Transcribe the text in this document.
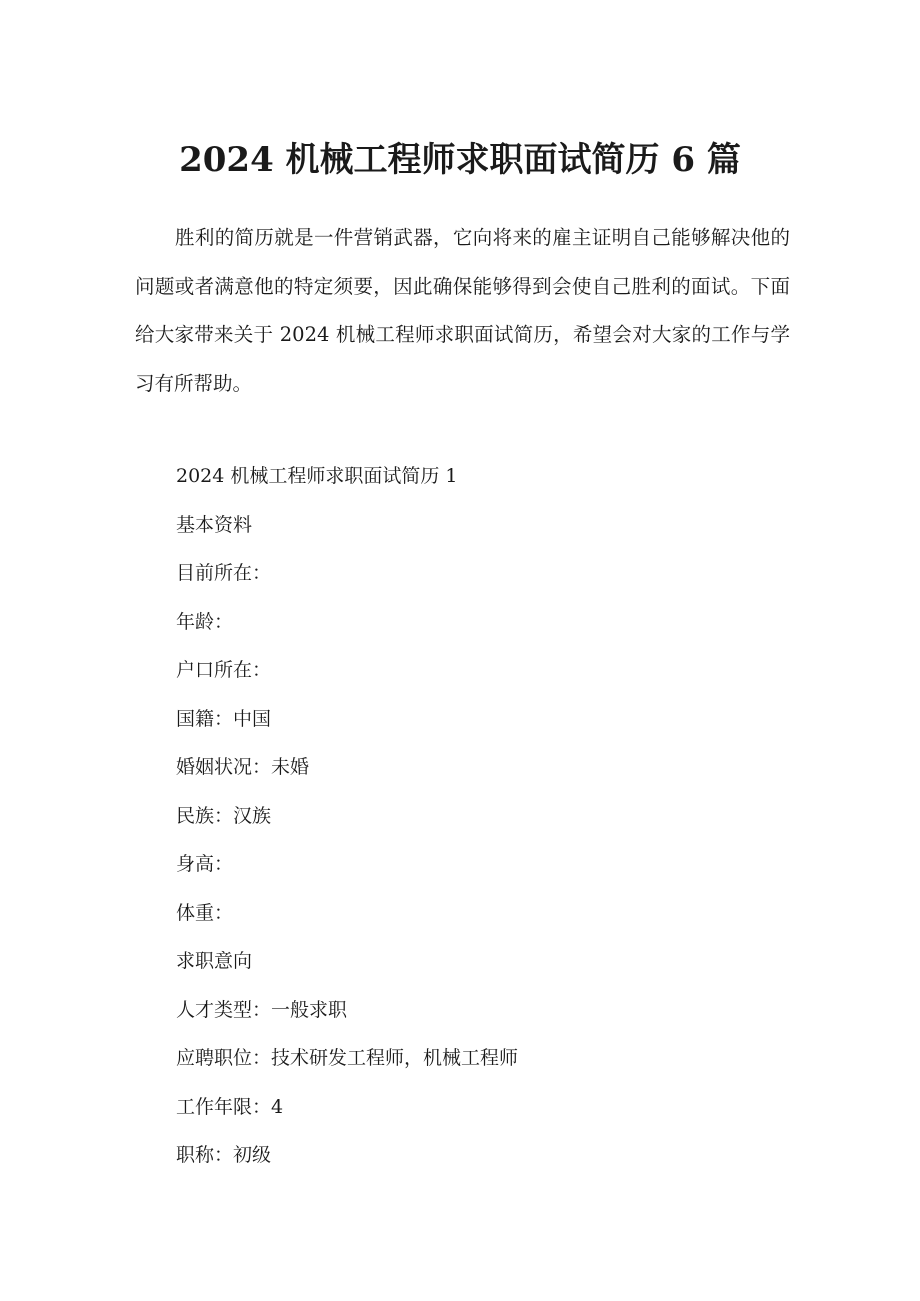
2024 机械工程师求职面试简历 6 篇

胜利的简历就是一件营销武器，它向将来的雇主证明自己能够解决他的问题或者满意他的特定须要，因此确保能够得到会使自己胜利的面试。下面给大家带来关于 2024 机械工程师求职面试简历，希望会对大家的工作与学习有所帮助。

2024 机械工程师求职面试简历 1
基本资料
目前所在：
年龄：
户口所在：
国籍：中国
婚姻状况：未婚
民族：汉族
身高：
体重：
求职意向
人才类型：一般求职
应聘职位：技术研发工程师，机械工程师
工作年限：4
职称：初级
